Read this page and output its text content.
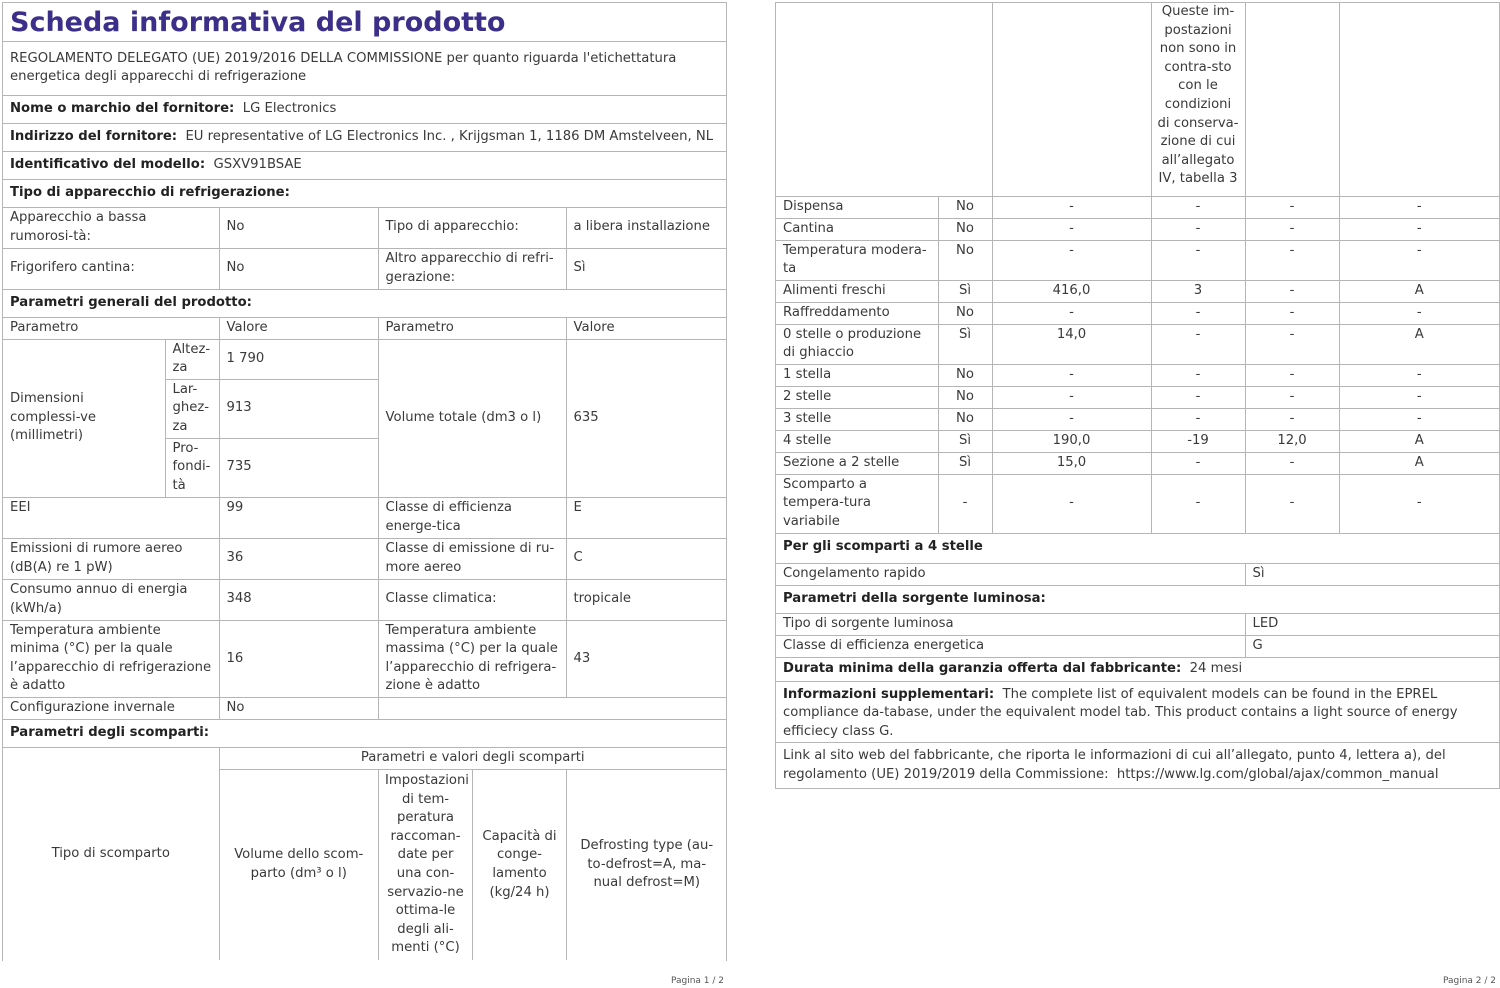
Scheda informativa del prodotto
REGOLAMENTO DELEGATO (UE) 2019/2016 DELLA COMMISSIONE per quanto riguarda l'etichettatura energetica degli apparecchi di refrigerazione
Nome o marchio del fornitore: LG Electronics
Indirizzo del fornitore: EU representative of LG Electronics Inc. , Krijgsman 1, 1186 DM Amstelveen, NL
Identificativo del modello: GSXV91BSAE
Tipo di apparecchio di refrigerazione:
Apparecchio a bassa rumorosi-tà:	No	Tipo di apparecchio:	a libera installazione
Frigorifero cantina:	No	Altro apparecchio di refri-gerazione:	Sì
Parametri generali del prodotto:
Parametro	Valore	Parametro	Valore
Dimensioni complessi-ve (millimetri)	Altez-za	1 790	Volume totale (dm3 o l)	635
Lar-ghez-za	913
Pro-fondi-tà	735
EEI	99	Classe di efficienza energe-tica	E
Emissioni di rumore aereo (dB(A) re 1 pW)	36	Classe di emissione di ru-more aereo	C
Consumo annuo di energia (kWh/a)	348	Classe climatica:	tropicale
Temperatura ambiente minima (°C) per la quale l’apparecchio di refrigerazione è adatto	16	Temperatura ambiente massima (°C) per la quale l’apparecchio di refrigera-zione è adatto	43
Configurazione invernale	No	
Parametri degli scomparti:
Tipo di scomparto	Parametri e valori degli scomparti

Volume dello scom-parto (dm³ o l)	Impostazioni di tem-peratura raccoman-date per una con-servazio-ne ottima-le degli ali-menti (°C)	Capacità di conge-lamento (kg/24 h)	Defrosting type (au-to-defrost=A, ma-nual defrost=M)
Pagina 1 / 2
			Queste im-postazioni non sono in contra-sto con le condizioni di conserva-zione di cui all’allegato IV, tabella 3		
Dispensa	No	-	-	-	-
Cantina	No	-	-	-	-
Temperatura modera-ta	No	-	-	-	-
Alimenti freschi	Sì	416,0	3	-	A
Raffreddamento	No	-	-	-	-
0 stelle o produzione di ghiaccio	Sì	14,0	-	-	A
1 stella	No	-	-	-	-
2 stelle	No	-	-	-	-
3 stelle	No	-	-	-	-
4 stelle	Sì	190,0	-19	12,0	A
Sezione a 2 stelle	Sì	15,0	-	-	A
Scomparto a tempera-tura variabile	-	-	-	-	-
Per gli scomparti a 4 stelle					
Congelamento rapido				Sì	
Parametri della sorgente luminosa:					
Tipo di sorgente luminosa				LED	
Classe di efficienza energetica				G	
Durata minima della garanzia offerta dal fabbricante: 24 mesi					
Informazioni supplementari: The complete list of equivalent models can be found in the EPREL compliance da-tabase, under the equivalent model tab. This product contains a light source of energy efficiecy class G.					
Link al sito web del fabbricante, che riporta le informazioni di cui all’allegato, punto 4, lettera a), del regolamento (UE) 2019/2019 della Commissione: https://www.lg.com/global/ajax/common_manual					
Pagina 2 / 2
